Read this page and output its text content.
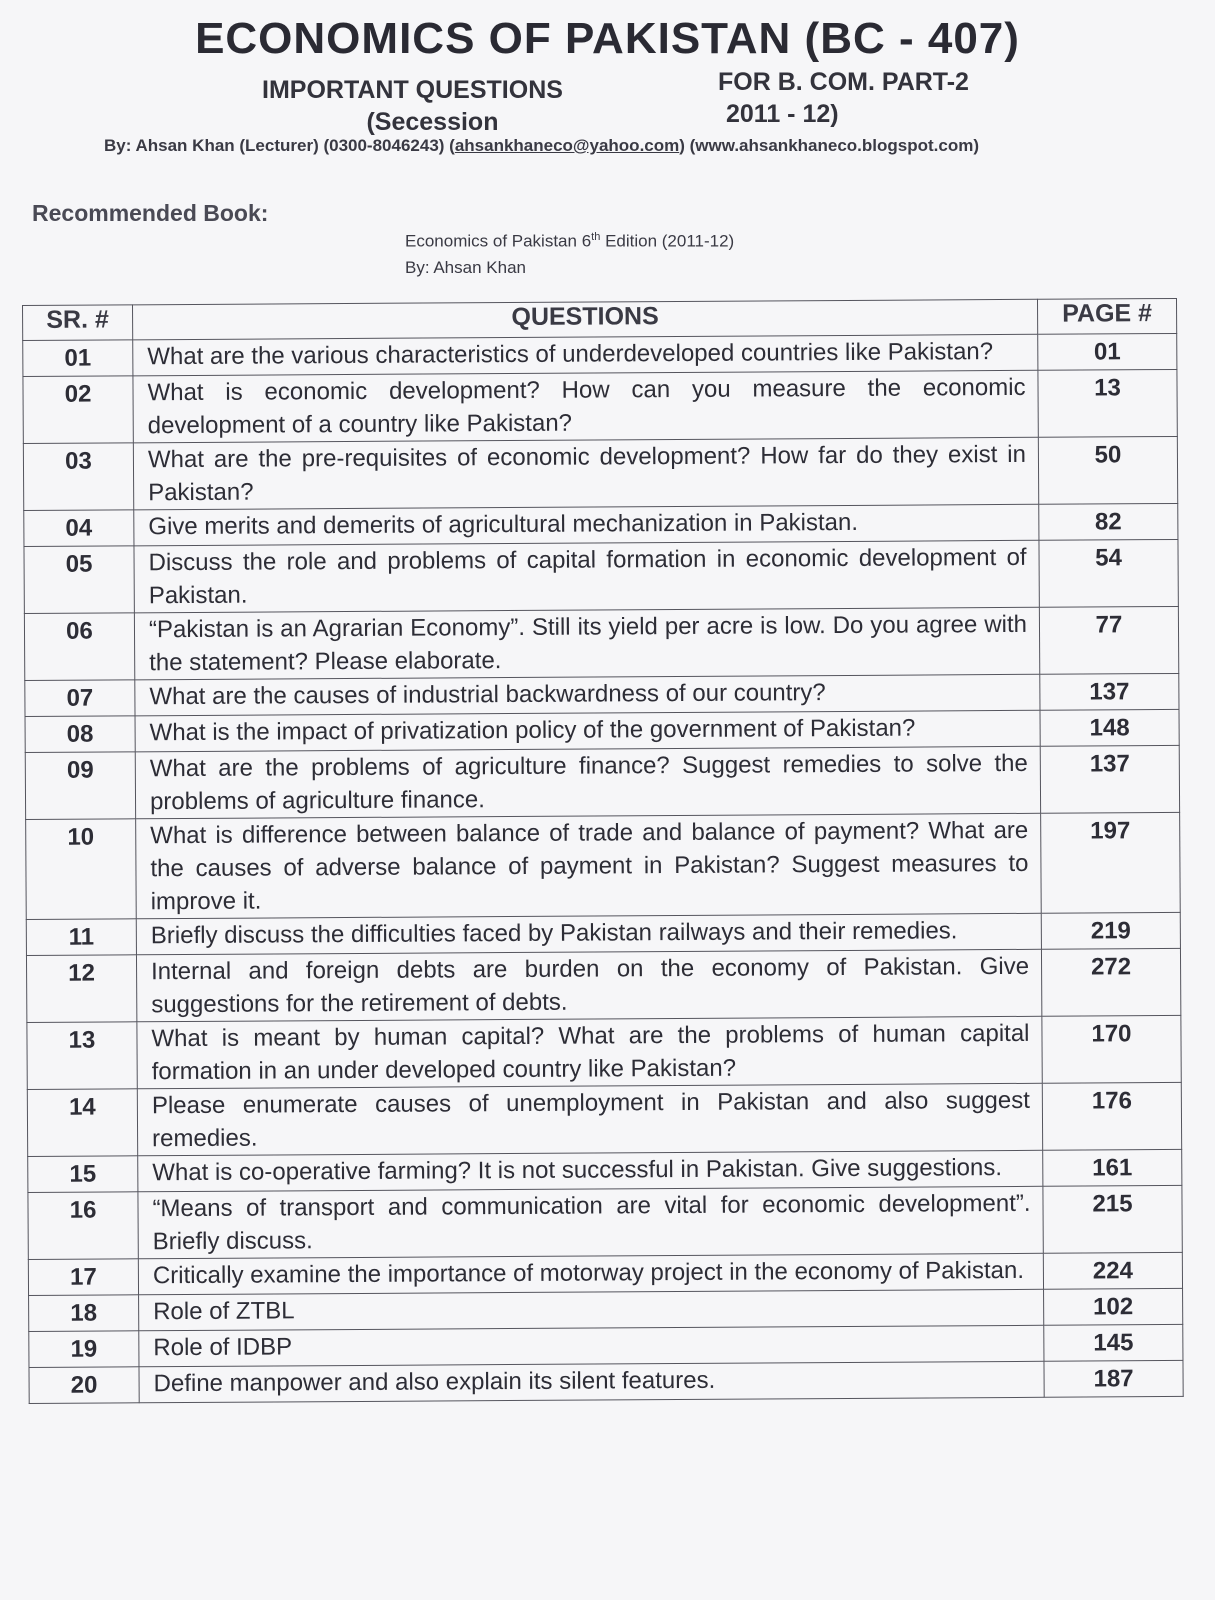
ECONOMICS OF PAKISTAN (BC - 407)
IMPORTANT QUESTIONS
(Secession
FOR B. COM. PART-2
2011 - 12)
By: Ahsan Khan (Lecturer) (0300-8046243) (ahsankhaneco@yahoo.com) (www.ahsankhaneco.blogspot.com)
Recommended Book:
Economics of Pakistan 6th Edition (2011-12)
By: Ahsan Khan
SR. #	QUESTIONS	PAGE #
01	What are the various characteristics of underdeveloped countries like Pakistan?	01
02	What is economic development? How can you measure the economic development of a country like Pakistan?	13
03	What are the pre-requisites of economic development? How far do they exist in Pakistan?	50
04	Give merits and demerits of agricultural mechanization in Pakistan.	82
05	Discuss the role and problems of capital formation in economic development of Pakistan.	54
06	“Pakistan is an Agrarian Economy”. Still its yield per acre is low. Do you agree with the statement? Please elaborate.	77
07	What are the causes of industrial backwardness of our country?	137
08	What is the impact of privatization policy of the government of Pakistan?	148
09	What are the problems of agriculture finance? Suggest remedies to solve the problems of agriculture finance.	137
10	What is difference between balance of trade and balance of payment? What are the causes of adverse balance of payment in Pakistan? Suggest measures to improve it.	197
11	Briefly discuss the difficulties faced by Pakistan railways and their remedies.	219
12	Internal and foreign debts are burden on the economy of Pakistan. Give suggestions for the retirement of debts.	272
13	What is meant by human capital? What are the problems of human capital formation in an under developed country like Pakistan?	170
14	Please enumerate causes of unemployment in Pakistan and also suggest remedies.	176
15	What is co-operative farming? It is not successful in Pakistan. Give suggestions.	161
16	“Means of transport and communication are vital for economic development”. Briefly discuss.	215
17	Critically examine the importance of motorway project in the economy of Pakistan.	224
18	Role of ZTBL	102
19	Role of IDBP	145
20	Define manpower and also explain its silent features.	187
